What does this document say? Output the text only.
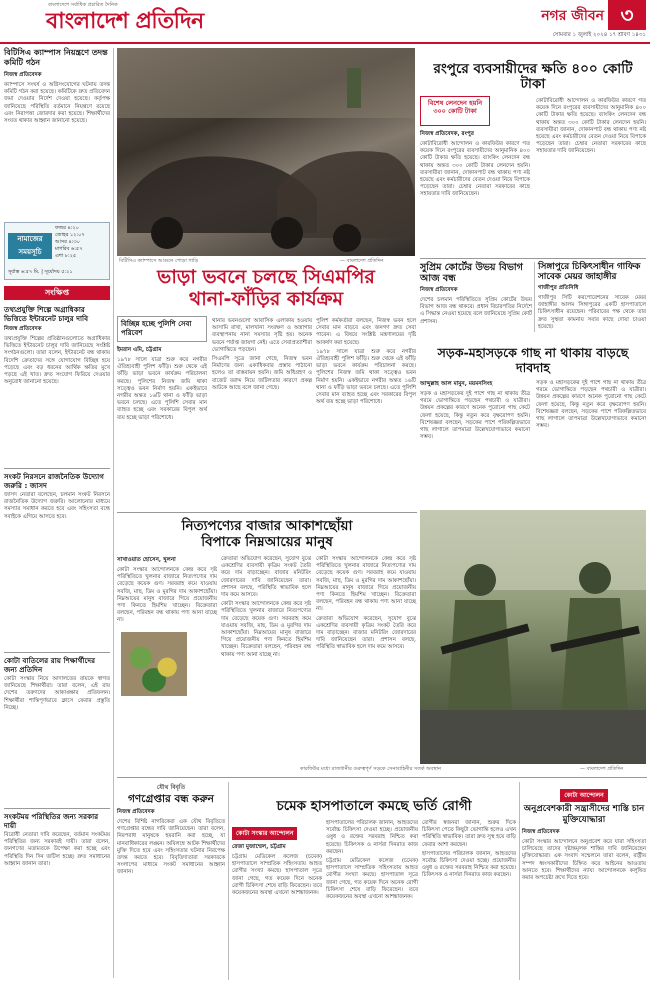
বাংলাদেশে সর্বাধিক প্রচারিত দৈনিক
বাংলাদেশ প্রতিদিন	নগর জীবন ৩
সোমবার ১ জুলাই ২০২৪ ১৭ শ্রাবণ ১৪৩১
বিটিসিএ ক্যাম্পাস নিয়ন্ত্রণে তদন্ত কমিটি গঠন
নিজস্ব প্রতিবেদক
ক্যাম্পাসে সংঘর্ষ ও অগ্নিসংযোগের ঘটনায় তদন্ত কমিটি গঠন করা হয়েছে। কমিটিকে দ্রুত প্রতিবেদন জমা দেওয়ার নির্দেশ দেওয়া হয়েছে। কর্তৃপক্ষ জানিয়েছে পরিস্থিতি বর্তমানে নিয়ন্ত্রণে রয়েছে এবং নিরাপত্তা জোরদার করা হয়েছে। শিক্ষার্থীদের সংযত থাকার আহ্বান জানানো হয়েছে।
নামাজের সময়সূচি
ফজর ৪:২০
জোহর ১২:০৭
আসর ৪:৩০
মাগরিব ৬:৫৭
এশা ৮:২৫
সূর্যাস্ত ৬:৫৭ মি. | সূর্যোদয় ৫:২১
সংক্ষিপ্ত
তথ্যপ্রযুক্তি শিল্পে অগ্রাধিকার ভিত্তিতে ইন্টারনেট চালুর দাবি
নিজস্ব প্রতিবেদক
তথ্যপ্রযুক্তি শিল্পের প্রতিষ্ঠানগুলোতে অগ্রাধিকার ভিত্তিতে ইন্টারনেট চালুর দাবি জানিয়েছে সংশ্লিষ্ট সংগঠনগুলো। তারা বলেন, ইন্টারনেট বন্ধ থাকায় বিদেশি ক্রেতাদের সঙ্গে যোগাযোগ বিচ্ছিন্ন হয়ে পড়েছে এবং বড় ধরনের আর্থিক ক্ষতির মুখে পড়ছে এই খাত। দ্রুত সংযোগ ফিরিয়ে দেওয়ার অনুরোধ জানানো হয়েছে।
সংকট নিরসনে রাজনৈতিক উদ্যোগ জরুরি : জাসদ
জাসদ নেতারা বলেছেন, চলমান সংকট নিরসনে রাজনৈতিক উদ্যোগ জরুরি। আলোচনার মাধ্যমে সমস্যার সমাধান করতে হবে এবং সহিংসতা বন্ধে সবাইকে এগিয়ে আসতে হবে।
কোটা বাতিলের রায় শিক্ষার্থীদের জন্য প্রতিদিন
কোটা সংস্কার নিয়ে আদালতের রায়কে স্বাগত জানিয়েছে শিক্ষার্থীরা। তারা বলেন, এই রায় দেশের তরুণদের আকাঙ্ক্ষার প্রতিফলন। শিক্ষার্থীরা শান্তিপূর্ণভাবে ক্লাসে ফেরার প্রস্তুতি নিচ্ছে।
সংকটময় পরিস্থিতির জন্য সরকার দায়ী
বিরোধী নেতারা দাবি করেছেন, বর্তমান সংকটময় পরিস্থিতির জন্য সরকারই দায়ী। তারা বলেন, জনগণের মতামতকে উপেক্ষা করা হচ্ছে এবং পরিস্থিতি দিন দিন জটিল হচ্ছে। দ্রুত সমাধানের আহ্বান জানান তারা।
বিটিসিএ ক্যাম্পাসে আগুনে পোড়া গাড়ি	— বাংলাদেশ প্রতিদিন
রংপুরে ব্যবসায়ীদের ক্ষতি ৪০০ কোটি টাকা
বিশেষ লেনদেন হয়নি ৩০০ কোটি টাকা
নিজস্ব প্রতিবেদক, রংপুর
কোটাবিরোধী আন্দোলন ও কারফিউর কারণে গত কয়েক দিনে রংপুরের ব্যবসায়ীদের আনুমানিক ৪০০ কোটি টাকার ক্ষতি হয়েছে। ব্যাংকিং লেনদেন বন্ধ থাকায় অন্তত ৩০০ কোটি টাকার লেনদেন হয়নি। ব্যবসায়ীরা জানান, দোকানপাট বন্ধ থাকায় পণ্য নষ্ট হয়েছে এবং কর্মচারীদের বেতন দেওয়া নিয়ে বিপাকে পড়েছেন তারা। চেম্বার নেতারা সরকারের কাছে সহায়তার দাবি জানিয়েছেন।
কোটাবিরোধী আন্দোলন ও কারফিউর কারণে গত কয়েক দিনে রংপুরের ব্যবসায়ীদের আনুমানিক ৪০০ কোটি টাকার ক্ষতি হয়েছে। ব্যাংকিং লেনদেন বন্ধ থাকায় অন্তত ৩০০ কোটি টাকার লেনদেন হয়নি। ব্যবসায়ীরা জানান, দোকানপাট বন্ধ থাকায় পণ্য নষ্ট হয়েছে এবং কর্মচারীদের বেতন দেওয়া নিয়ে বিপাকে পড়েছেন তারা। চেম্বার নেতারা সরকারের কাছে সহায়তার দাবি জানিয়েছেন।
সুপ্রিম কোর্টের উভয় বিভাগ আজ বন্ধ
নিজস্ব প্রতিবেদক
দেশের চলমান পরিস্থিতিতে সুপ্রিম কোর্টের উভয় বিভাগ আজ বন্ধ থাকবে। প্রধান বিচারপতির নির্দেশে এ সিদ্ধান্ত নেওয়া হয়েছে বলে জানিয়েছে সুপ্রিম কোর্ট প্রশাসন।
সিঙ্গাপুরে চিকিৎসাধীন গাফিক সাবেক মেয়র জাহাঙ্গীর
গাজীপুর প্রতিনিধি
গাজীপুর সিটি করপোরেশনের সাবেক মেয়র জাহাঙ্গীর আলম সিঙ্গাপুরের একটি হাসপাতালে চিকিৎসাধীন রয়েছেন। পরিবারের পক্ষ থেকে তার দ্রুত সুস্থতা কামনায় সবার কাছে দোয়া চাওয়া হয়েছে।
ভাড়া ভবনে চলছে সিএমপির
থানা-ফাঁড়ির কার্যক্রম
বিচ্ছিন্ন হচ্ছে পুলিশি সেবা পরিবেশ
ইমরান এমি, চট্টগ্রাম
১৯৭৮ সালে যাত্রা শুরু করে নগরীর ঐতিহ্যবাহী পুলিশ ফাঁড়ি। শুরু থেকে এই ফাঁড়ি ভাড়া ভবনে কার্যক্রম পরিচালনা করছে। পুলিশের নিজস্ব জমি থাকা সত্ত্বেও ভবন নির্মাণ হয়নি। একইভাবে নগরীর অন্তত ১৬টি থানা ও ফাঁড়ি ভাড়া ভবনে চলছে। এতে পুলিশি সেবার মান ব্যাহত হচ্ছে এবং সরকারের বিপুল অর্থ ব্যয় হচ্ছে ভাড়া পরিশোধে।
থানার ভবনগুলো আবাসিক এলাকায় হওয়ায় আসামি রাখা, মালখানা সংরক্ষণ ও অস্ত্রাগার ব্যবস্থাপনায় নানা সমস্যার সৃষ্টি হয়। অনেক ভবনে পর্যাপ্ত জায়গা নেই। এতে সেবাপ্রত্যাশীরা ভোগান্তিতে পড়ছেন।
সিএমপি সূত্রে জানা গেছে, নিজস্ব ভবন নির্মাণের জন্য একাধিকবার প্রস্তাব পাঠানো হলেও তা বাস্তবায়ন হয়নি। জমি অধিগ্রহণ ও বাজেট বরাদ্দ নিয়ে জটিলতার কারণে প্রকল্প আটকে আছে বলে জানা গেছে।
পুলিশ কর্মকর্তারা বলছেন, নিজস্ব ভবন হলে সেবার মান বাড়বে এবং জনগণ দ্রুত সেবা পাবেন। এ বিষয়ে সংশ্লিষ্ট মন্ত্রণালয়ের দৃষ্টি আকর্ষণ করা হয়েছে।
১৯৭৮ সালে যাত্রা শুরু করে নগরীর ঐতিহ্যবাহী পুলিশ ফাঁড়ি। শুরু থেকে এই ফাঁড়ি ভাড়া ভবনে কার্যক্রম পরিচালনা করছে। পুলিশের নিজস্ব জমি থাকা সত্ত্বেও ভবন নির্মাণ হয়নি। একইভাবে নগরীর অন্তত ১৬টি থানা ও ফাঁড়ি ভাড়া ভবনে চলছে। এতে পুলিশি সেবার মান ব্যাহত হচ্ছে এবং সরকারের বিপুল অর্থ ব্যয় হচ্ছে ভাড়া পরিশোধে।
সড়ক-মহাসড়কে গাছ না থাকায় বাড়ছে দাবদাহ
আব্দুল্লাহ আল মামুন, ময়মনসিংহ
সড়ক ও মহাসড়কের দুই পাশে গাছ না থাকায় তীব্র গরমে ভোগান্তিতে পড়ছেন পথচারী ও যাত্রীরা। উন্নয়ন প্রকল্পের কারণে অনেক পুরোনো গাছ কেটে ফেলা হয়েছে, কিন্তু নতুন করে বৃক্ষরোপণ হয়নি। বিশেষজ্ঞরা বলছেন, সড়কের পাশে পরিকল্পিতভাবে গাছ লাগালে তাপমাত্রা উল্লেখযোগ্যভাবে কমানো সম্ভব।
সড়ক ও মহাসড়কের দুই পাশে গাছ না থাকায় তীব্র গরমে ভোগান্তিতে পড়ছেন পথচারী ও যাত্রীরা। উন্নয়ন প্রকল্পের কারণে অনেক পুরোনো গাছ কেটে ফেলা হয়েছে, কিন্তু নতুন করে বৃক্ষরোপণ হয়নি। বিশেষজ্ঞরা বলছেন, সড়কের পাশে পরিকল্পিতভাবে গাছ লাগালে তাপমাত্রা উল্লেখযোগ্যভাবে কমানো সম্ভব।
নিত্যপণ্যের বাজার আকাশছোঁয়া
বিপাকে নিম্নআয়ের মানুষ
সাখাওয়াত হোসেন, খুলনা
কোটা সংস্কার আন্দোলনকে কেন্দ্র করে সৃষ্ট পরিস্থিতিতে খুলনার বাজারে নিত্যপণ্যের দাম বেড়েছে কয়েক গুণ। সরবরাহ কমে যাওয়ায় সবজি, মাছ, ডিম ও মুরগির দাম আকাশছোঁয়া। নিম্নআয়ের মানুষ বাজারে গিয়ে প্রয়োজনীয় পণ্য কিনতে হিমশিম খাচ্ছেন। বিক্রেতারা বলছেন, পরিবহন বন্ধ থাকায় পণ্য আনা যাচ্ছে না।
ক্রেতারা অভিযোগ করেছেন, সুযোগ বুঝে একশ্রেণির ব্যবসায়ী কৃত্রিম সংকট তৈরি করে দাম বাড়াচ্ছেন। বাজার মনিটরিং জোরদারের দাবি জানিয়েছেন তারা। প্রশাসন বলছে, পরিস্থিতি স্বাভাবিক হলে দাম কমে আসবে।
কোটা সংস্কার আন্দোলনকে কেন্দ্র করে সৃষ্ট পরিস্থিতিতে খুলনার বাজারে নিত্যপণ্যের দাম বেড়েছে কয়েক গুণ। সরবরাহ কমে যাওয়ায় সবজি, মাছ, ডিম ও মুরগির দাম আকাশছোঁয়া। নিম্নআয়ের মানুষ বাজারে গিয়ে প্রয়োজনীয় পণ্য কিনতে হিমশিম খাচ্ছেন। বিক্রেতারা বলছেন, পরিবহন বন্ধ থাকায় পণ্য আনা যাচ্ছে না।
কোটা সংস্কার আন্দোলনকে কেন্দ্র করে সৃষ্ট পরিস্থিতিতে খুলনার বাজারে নিত্যপণ্যের দাম বেড়েছে কয়েক গুণ। সরবরাহ কমে যাওয়ায় সবজি, মাছ, ডিম ও মুরগির দাম আকাশছোঁয়া। নিম্নআয়ের মানুষ বাজারে গিয়ে প্রয়োজনীয় পণ্য কিনতে হিমশিম খাচ্ছেন। বিক্রেতারা বলছেন, পরিবহন বন্ধ থাকায় পণ্য আনা যাচ্ছে না।
ক্রেতারা অভিযোগ করেছেন, সুযোগ বুঝে একশ্রেণির ব্যবসায়ী কৃত্রিম সংকট তৈরি করে দাম বাড়াচ্ছেন। বাজার মনিটরিং জোরদারের দাবি জানিয়েছেন তারা। প্রশাসন বলছে, পরিস্থিতি স্বাভাবিক হলে দাম কমে আসবে।
কারফিউর মধ্যে রাজধানীর গুরুত্বপূর্ণ সড়কে সেনাবাহিনীর সতর্ক অবস্থান	— বাংলাদেশ প্রতিদিন
যৌথ বিবৃতি
গণগ্রেপ্তার বন্ধ করুন
নিজস্ব প্রতিবেদক
দেশের বিশিষ্ট নাগরিকেরা এক যৌথ বিবৃতিতে গণগ্রেপ্তার বন্ধের দাবি জানিয়েছেন। তারা বলেন, নিরপরাধ মানুষকে হয়রানি করা হচ্ছে, যা মানবাধিকারের লঙ্ঘন। অবিলম্বে আটক শিক্ষার্থীদের মুক্তি দিতে হবে এবং সহিংসতার ঘটনার নিরপেক্ষ তদন্ত করতে হবে। বিবৃতিদাতারা সরকারকে সংলাপের মাধ্যমে সংকট সমাধানের আহ্বান জানান।
চমেক হাসপাতালে কমছে ভর্তি রোগী
কোটা সংস্কার আন্দোলন
রেজা মুজাম্মেল, চট্টগ্রাম
চট্টগ্রাম মেডিকেল কলেজ (চমেক) হাসপাতালে সাম্প্রতিক সহিংসতায় আহত রোগীর সংখ্যা কমছে। হাসপাতাল সূত্রে জানা গেছে, গত কয়েক দিনে অনেক রোগী চিকিৎসা শেষে বাড়ি ফিরেছেন। তবে কয়েকজনের অবস্থা এখনো আশঙ্কাজনক।
হাসপাতালের পরিচালক জানান, আহতদের সর্বোচ্চ চিকিৎসা দেওয়া হচ্ছে। প্রয়োজনীয় ওষুধ ও রক্তের সরবরাহ নিশ্চিত করা হয়েছে। চিকিৎসক ও নার্সরা দিনরাত কাজ করছেন।
চট্টগ্রাম মেডিকেল কলেজ (চমেক) হাসপাতালে সাম্প্রতিক সহিংসতায় আহত রোগীর সংখ্যা কমছে। হাসপাতাল সূত্রে জানা গেছে, গত কয়েক দিনে অনেক রোগী চিকিৎসা শেষে বাড়ি ফিরেছেন। তবে কয়েকজনের অবস্থা এখনো আশঙ্কাজনক।
রোগীর স্বজনরা জানান, শুরুর দিকে চিকিৎসা পেতে কিছুটা ভোগান্তি হলেও এখন পরিস্থিতি স্বাভাবিক। তারা দ্রুত সুস্থ হয়ে বাড়ি ফেরার আশা করছেন।
হাসপাতালের পরিচালক জানান, আহতদের সর্বোচ্চ চিকিৎসা দেওয়া হচ্ছে। প্রয়োজনীয় ওষুধ ও রক্তের সরবরাহ নিশ্চিত করা হয়েছে। চিকিৎসক ও নার্সরা দিনরাত কাজ করছেন।
কোটা আন্দোলন
অনুপ্রবেশকারী সন্ত্রাসীদের শাস্তি চান মুক্তিযোদ্ধারা
নিজস্ব প্রতিবেদক
কোটা সংস্কার আন্দোলনে অনুপ্রবেশ করে যারা সহিংসতা চালিয়েছে তাদের দৃষ্টান্তমূলক শাস্তির দাবি জানিয়েছেন মুক্তিযোদ্ধারা। এক সংবাদ সম্মেলনে তারা বলেন, রাষ্ট্রীয় সম্পদ ধ্বংসকারীদের চিহ্নিত করে আইনের আওতায় আনতে হবে। শিক্ষার্থীদের ন্যায্য আন্দোলনকে কলুষিত করার অপচেষ্টা রুখে দিতে হবে।
